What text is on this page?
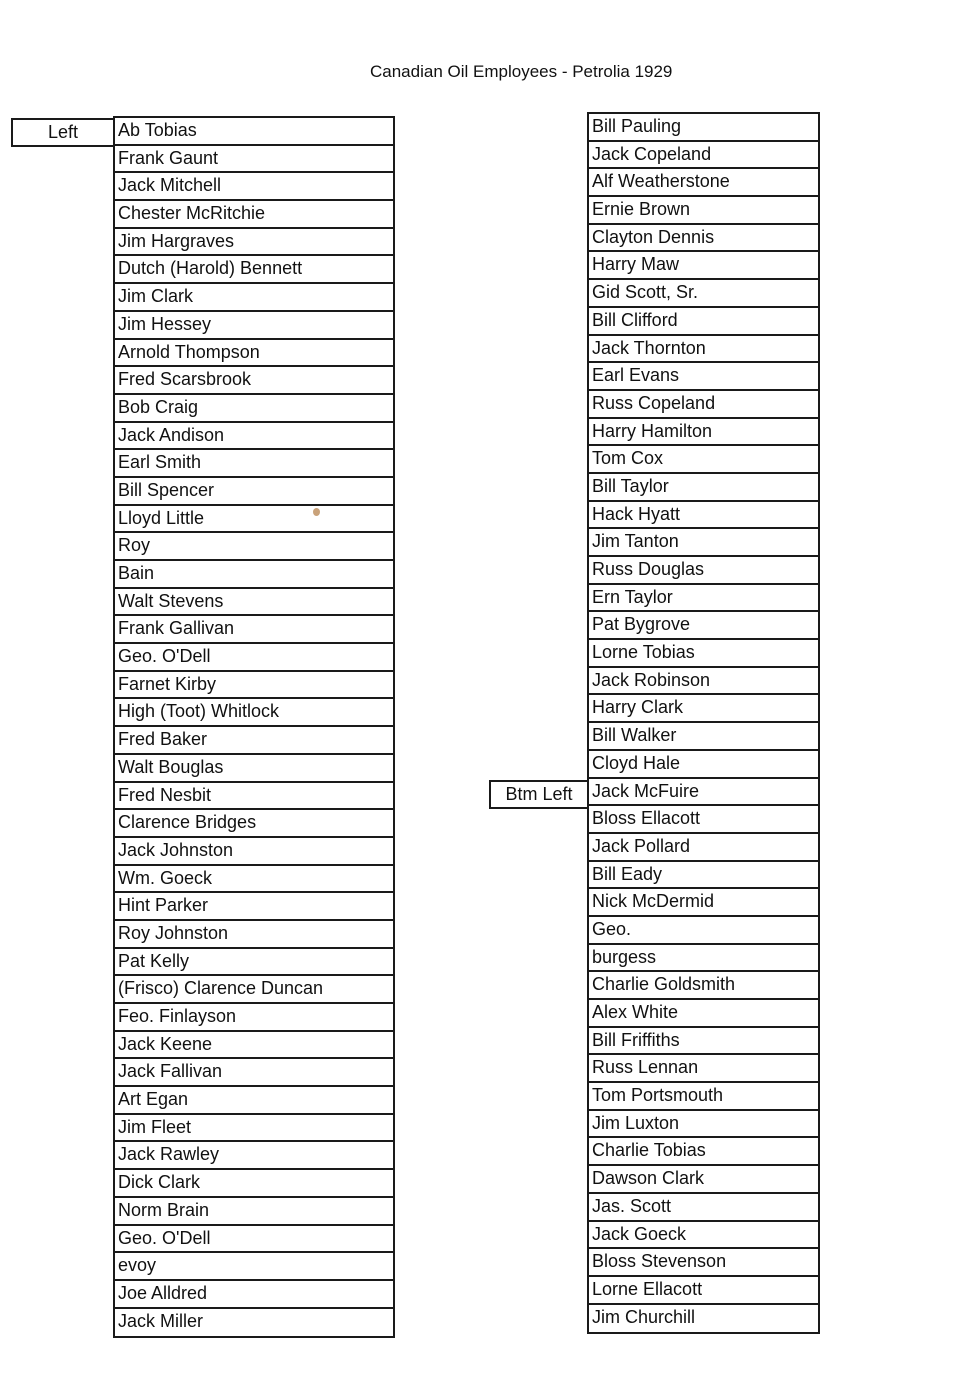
Canadian Oil Employees - Petrolia 1929
Left
Btm Left
Ab Tobias
Frank Gaunt
Jack Mitchell
Chester McRitchie
Jim Hargraves
Dutch (Harold) Bennett
Jim Clark
Jim Hessey
Arnold Thompson
Fred Scarsbrook
Bob Craig
Jack Andison
Earl Smith
Bill Spencer
Lloyd Little
Roy
Bain
Walt Stevens
Frank Gallivan
Geo. O'Dell
Farnet Kirby
High (Toot) Whitlock
Fred Baker
Walt Bouglas
Fred Nesbit
Clarence Bridges
Jack Johnston
Wm. Goeck
Hint Parker
Roy Johnston
Pat Kelly
(Frisco) Clarence Duncan
Feo. Finlayson
Jack Keene
Jack Fallivan
Art Egan
Jim Fleet
Jack Rawley
Dick Clark
Norm Brain
Geo. O'Dell
evoy
Joe Alldred
Jack Miller
Bill Pauling
Jack Copeland
Alf Weatherstone
Ernie Brown
Clayton Dennis
Harry Maw
Gid Scott, Sr.
Bill Clifford
Jack Thornton
Earl Evans
Russ Copeland
Harry Hamilton
Tom Cox
Bill Taylor
Hack Hyatt
Jim Tanton
Russ Douglas
Ern Taylor
Pat Bygrove
Lorne Tobias
Jack Robinson
Harry Clark
Bill Walker
Cloyd Hale
Jack McFuire
Bloss Ellacott
Jack Pollard
Bill Eady
Nick McDermid
Geo.
burgess
Charlie Goldsmith
Alex White
Bill Friffiths
Russ Lennan
Tom Portsmouth
Jim Luxton
Charlie Tobias
Dawson Clark
Jas. Scott
Jack Goeck
Bloss Stevenson
Lorne Ellacott
Jim Churchill
